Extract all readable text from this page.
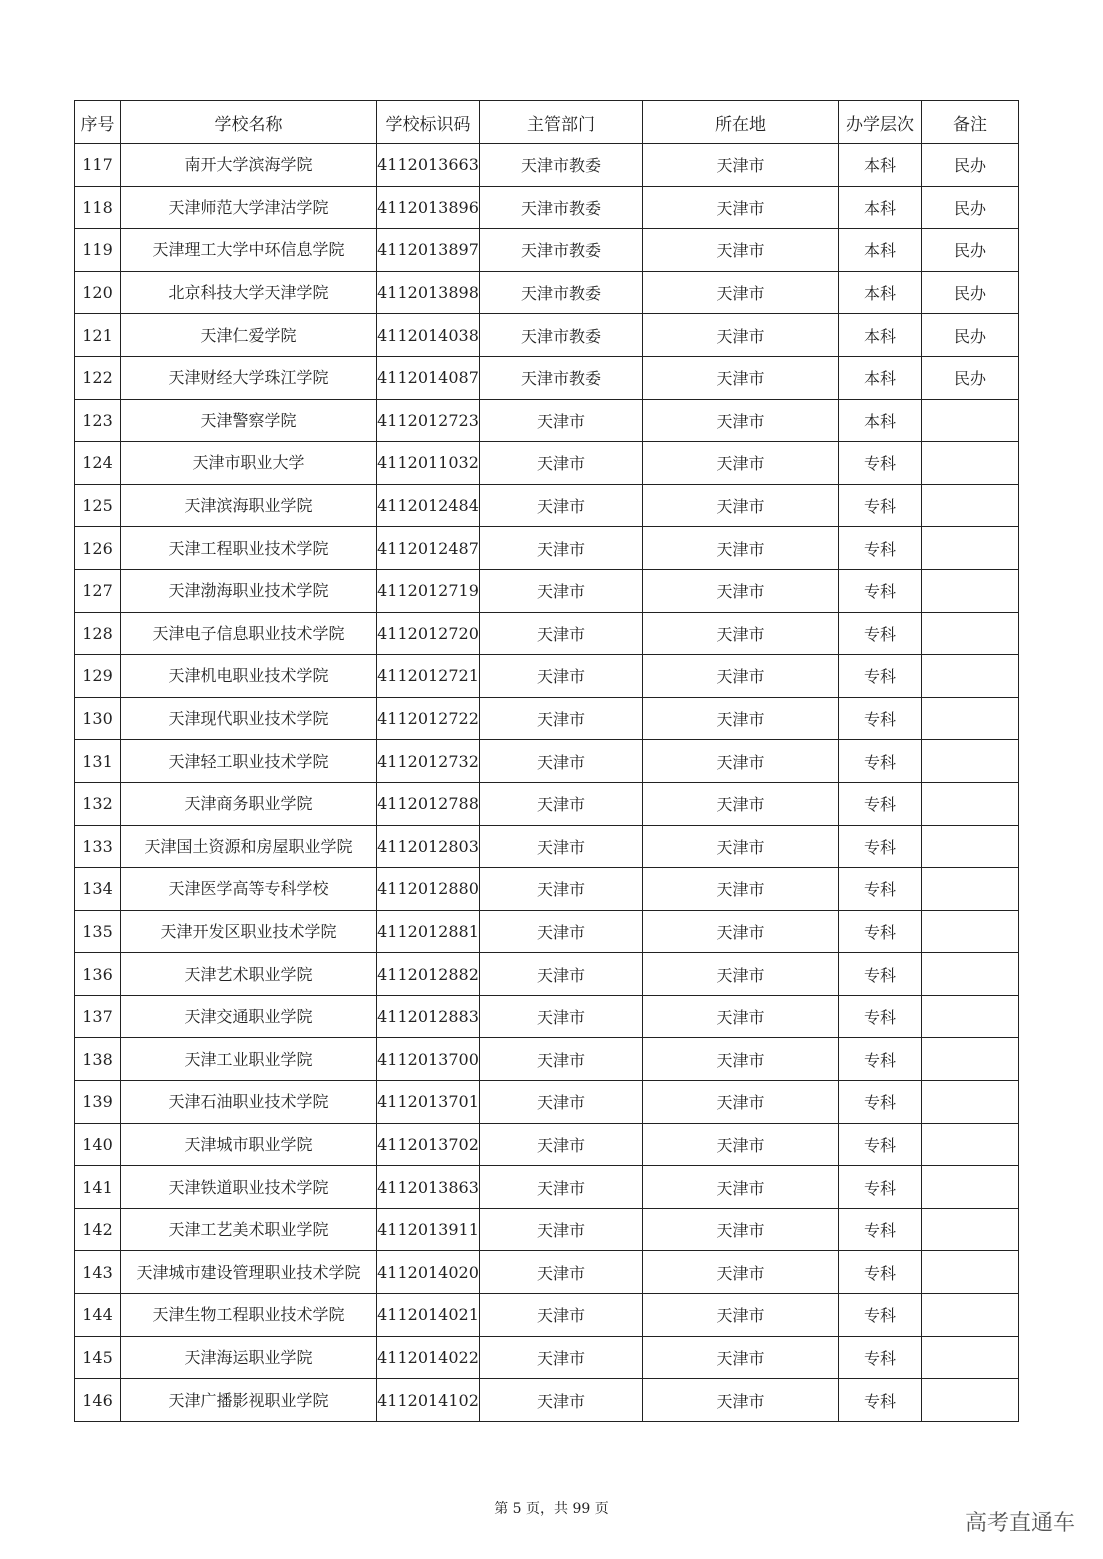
序号	学校名称	学校标识码	主管部门	所在地	办学层次	备注
117	南开大学滨海学院	4112013663	天津市教委	天津市	本科	民办
118	天津师范大学津沽学院	4112013896	天津市教委	天津市	本科	民办
119	天津理工大学中环信息学院	4112013897	天津市教委	天津市	本科	民办
120	北京科技大学天津学院	4112013898	天津市教委	天津市	本科	民办
121	天津仁爱学院	4112014038	天津市教委	天津市	本科	民办
122	天津财经大学珠江学院	4112014087	天津市教委	天津市	本科	民办
123	天津警察学院	4112012723	天津市	天津市	本科	
124	天津市职业大学	4112011032	天津市	天津市	专科	
125	天津滨海职业学院	4112012484	天津市	天津市	专科	
126	天津工程职业技术学院	4112012487	天津市	天津市	专科	
127	天津渤海职业技术学院	4112012719	天津市	天津市	专科	
128	天津电子信息职业技术学院	4112012720	天津市	天津市	专科	
129	天津机电职业技术学院	4112012721	天津市	天津市	专科	
130	天津现代职业技术学院	4112012722	天津市	天津市	专科	
131	天津轻工职业技术学院	4112012732	天津市	天津市	专科	
132	天津商务职业学院	4112012788	天津市	天津市	专科	
133	天津国土资源和房屋职业学院	4112012803	天津市	天津市	专科	
134	天津医学高等专科学校	4112012880	天津市	天津市	专科	
135	天津开发区职业技术学院	4112012881	天津市	天津市	专科	
136	天津艺术职业学院	4112012882	天津市	天津市	专科	
137	天津交通职业学院	4112012883	天津市	天津市	专科	
138	天津工业职业学院	4112013700	天津市	天津市	专科	
139	天津石油职业技术学院	4112013701	天津市	天津市	专科	
140	天津城市职业学院	4112013702	天津市	天津市	专科	
141	天津铁道职业技术学院	4112013863	天津市	天津市	专科	
142	天津工艺美术职业学院	4112013911	天津市	天津市	专科	
143	天津城市建设管理职业技术学院	4112014020	天津市	天津市	专科	
144	天津生物工程职业技术学院	4112014021	天津市	天津市	专科	
145	天津海运职业学院	4112014022	天津市	天津市	专科	
146	天津广播影视职业学院	4112014102	天津市	天津市	专科	
第 5 页，共 99 页
高考直通车
